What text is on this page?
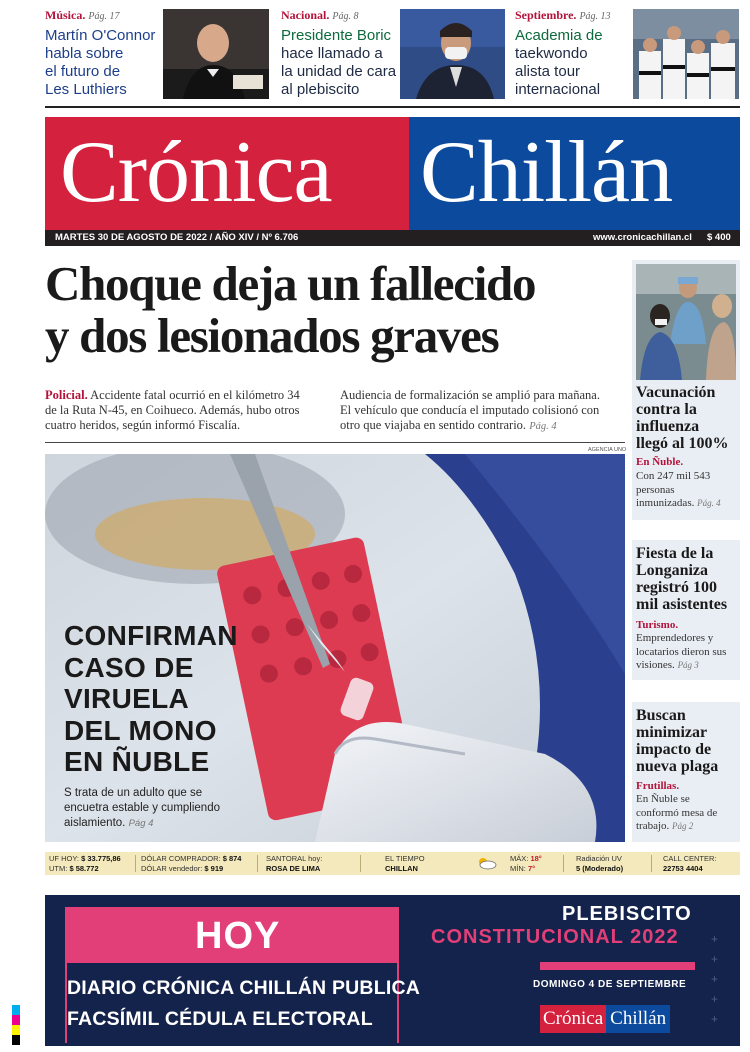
Música. Pág. 17
Martín O'Connor
habla sobre
el futuro de
Les Luthiers
Nacional. Pág. 8
Presidente Boric
hace llamado a
la unidad de cara
al plebiscito
Septiembre. Pág. 13
Academia de
taekwondo
alista tour
internacional
Crónica Chillán
MARTES 30 DE AGOSTO DE 2022 / AÑO XIV / Nº 6.706	www.cronicachillan.cl $ 400
Choque deja un fallecido
y dos lesionados graves
Policial. Accidente fatal ocurrió en el kilómetro 34
de la Ruta N-45, en Coihueco. Además, hubo otros
cuatro heridos, según informó Fiscalía.
Audiencia de formalización se amplió para mañana.
El vehículo que conducía el imputado colisionó con
otro que viajaba en sentido contrario. Pág. 4
AGENCIA UNO
CONFIRMAN
CASO DE
VIRUELA
DEL MONO
EN ÑUBLE
S trata de un adulto que se
encuetra estable y cumpliendo
aislamiento. Pág 4
Vacunación
contra la
influenza
llegó al 100%
En Ñuble.
Con 247 mil 543
personas
inmunizadas. Pág. 4
Fiesta de la
Longaniza
registró 100
mil asistentes
Turismo.
Emprendedores y
locatarios dieron sus
visiones. Pág 3
Buscan
minimizar
impacto de
nueva plaga
Frutillas.
En Ñuble se
conformó mesa de
trabajo. Pág 2
UF HOY: $ 33.775,86
UTM: $ 58.772
DÓLAR COMPRADOR: $ 874
DÓLAR vendedor: $ 919
SANTORAL hoy:
ROSA DE LIMA
EL TIEMPO
CHILLAN
MÁX: 18°
MÍN: 7°
Radiación UV
5 (Moderado)
CALL CENTER:
22753 4404
HOY
DIARIO CRÓNICA CHILLÁN PUBLICA
FACSÍMIL CÉDULA ELECTORAL
PLEBISCITO
CONSTITUCIONAL 2022
DOMINGO 4 DE SEPTIEMBRE
Crónica Chillán
+
+
+
+
+
